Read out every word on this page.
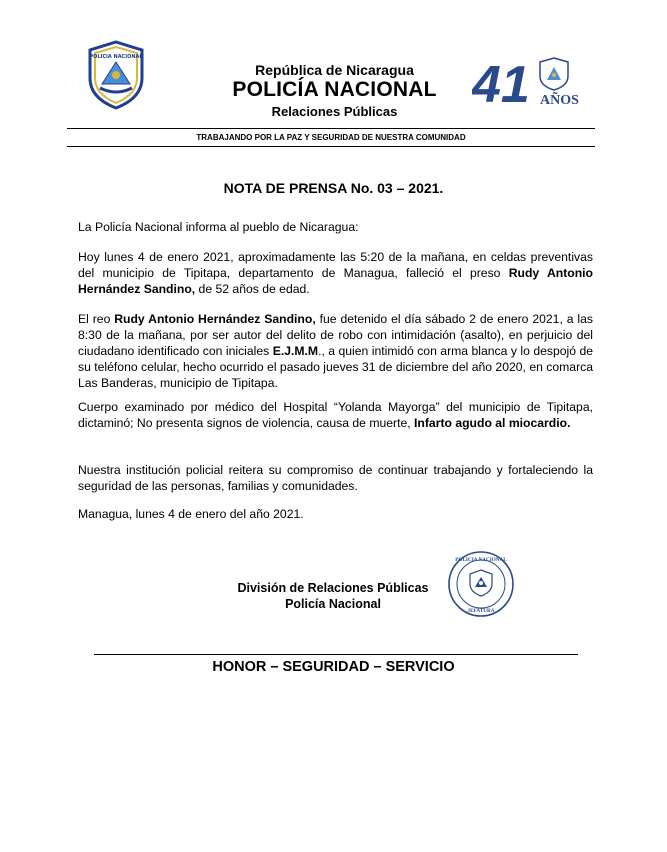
POLICIA NACIONAL
República de Nicaragua
POLICÍA NACIONAL
Relaciones Públicas	41 AÑOS
TRABAJANDO POR LA PAZ Y SEGURIDAD DE NUESTRA COMUNIDAD
NOTA DE PRENSA No. 03 – 2021.
La Policía Nacional informa al pueblo de Nicaragua:
Hoy lunes 4 de enero 2021, aproximadamente las 5:20 de la mañana, en celdas preventivas del municipio de Tipitapa, departamento de Managua, falleció el preso Rudy Antonio Hernández Sandino, de 52 años de edad.
El reo Rudy Antonio Hernández Sandino, fue detenido el día sábado 2 de enero 2021, a las 8:30 de la mañana, por ser autor del delito de robo con intimidación (asalto), en perjuicio del ciudadano identificado con iniciales E.J.M.M., a quien intimidó con arma blanca y lo despojó de su teléfono celular, hecho ocurrido el pasado jueves 31 de diciembre del año 2020, en comarca Las Banderas, municipio de Tipitapa.
Cuerpo examinado por médico del Hospital “Yolanda Mayorga” del municipio de Tipitapa, dictaminó; No presenta signos de violencia, causa de muerte, Infarto agudo al miocardio.
Nuestra institución policial reitera su compromiso de continuar trabajando y fortaleciendo la seguridad de las personas, familias y comunidades.
Managua, lunes 4 de enero del año 2021.
División de Relaciones Públicas
Policía Nacional
POLICIA NACIONAL
JEFATURA
HONOR – SEGURIDAD – SERVICIO
